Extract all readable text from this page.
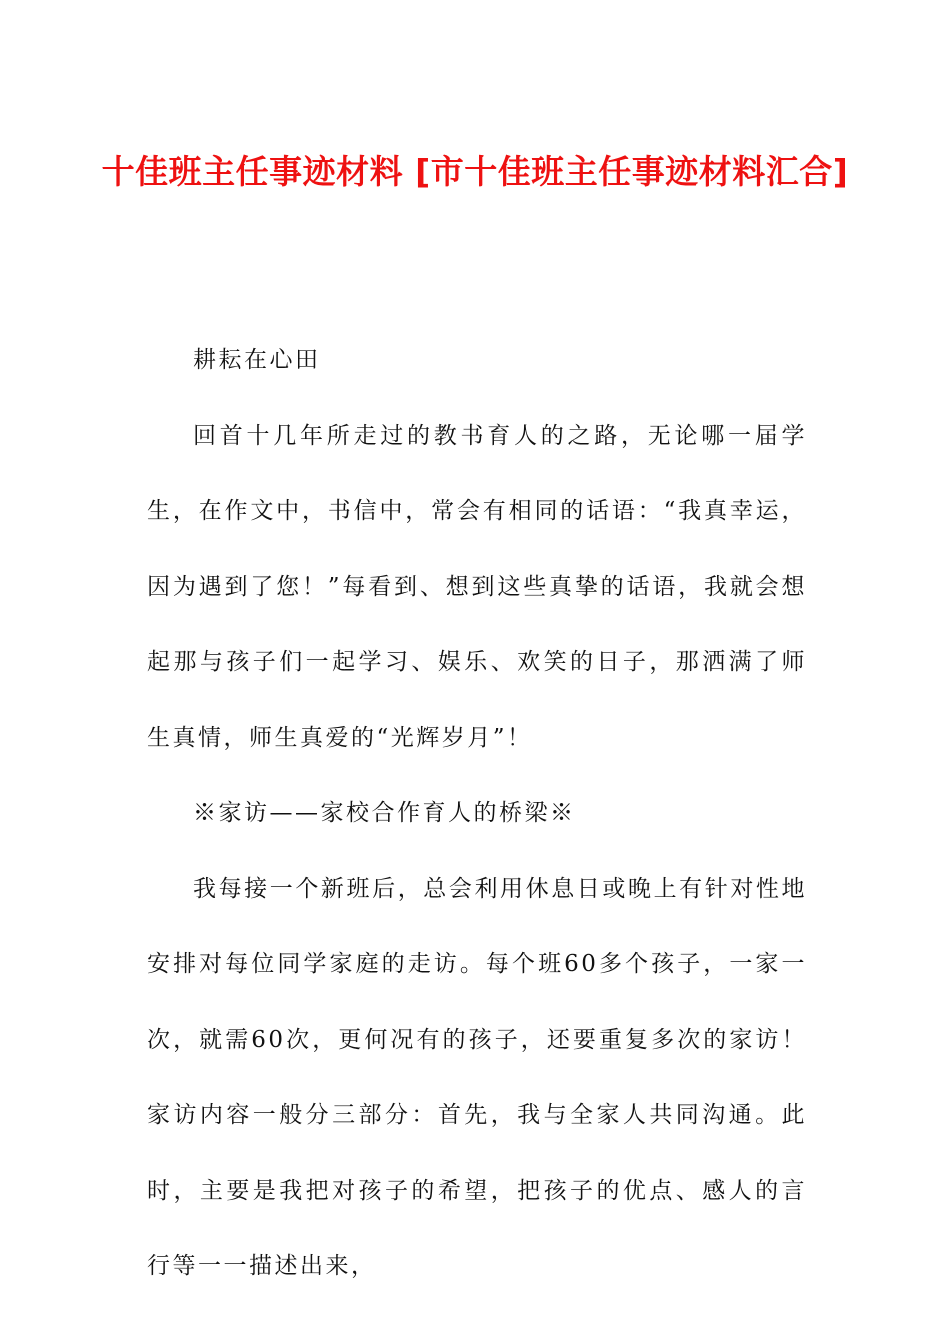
十佳班主任事迹材料 [市十佳班主任事迹材料汇合]

耕耘在心田

回首十几年所走过的教书育人的之路，无论哪一届学生，在作文中，书信中，常会有相同的话语：“我真幸运，因为遇到了您！”每看到、想到这些真挚的话语，我就会想起那与孩子们一起学习、娱乐、欢笑的日子，那洒满了师生真情，师生真爱的“光辉岁月”！

※家访——家校合作育人的桥梁※

我每接一个新班后，总会利用休息日或晚上有针对性地安排对每位同学家庭的走访。每个班60多个孩子，一家一次，就需60次，更何况有的孩子，还要重复多次的家访！家访内容一般分三部分：首先，我与全家人共同沟通。此时，主要是我把对孩子的希望，把孩子的优点、感人的言行等一一描述出来，
